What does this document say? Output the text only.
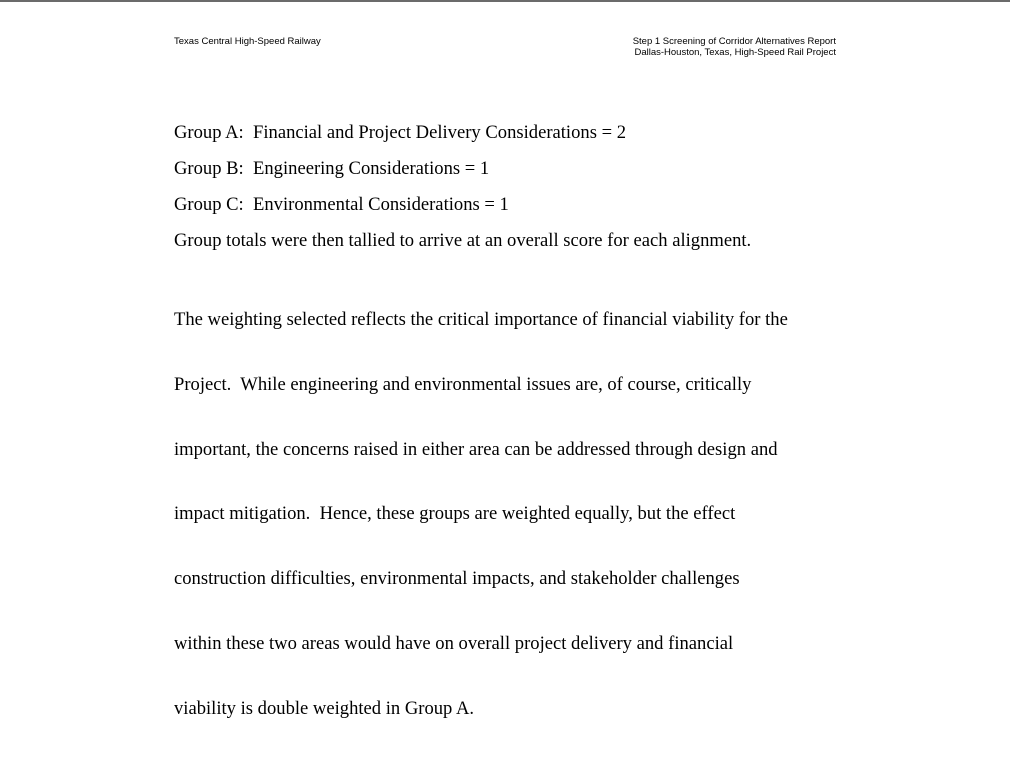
Texas Central High-Speed Railway	Step 1 Screening of Corridor Alternatives Report
Dallas-Houston, Texas, High-Speed Rail Project

Group A:  Financial and Project Delivery Considerations = 2

Group B:  Engineering Considerations = 1

Group C:  Environmental Considerations = 1

Group totals were then tallied to arrive at an overall score for each alignment.

The weighting selected reflects the critical importance of financial viability for the

Project.  While engineering and environmental issues are, of course, critically

important, the concerns raised in either area can be addressed through design and

impact mitigation.  Hence, these groups are weighted equally, but the effect

construction difficulties, environmental impacts, and stakeholder challenges

within these two areas would have on overall project delivery and financial

viability is double weighted in Group A.
